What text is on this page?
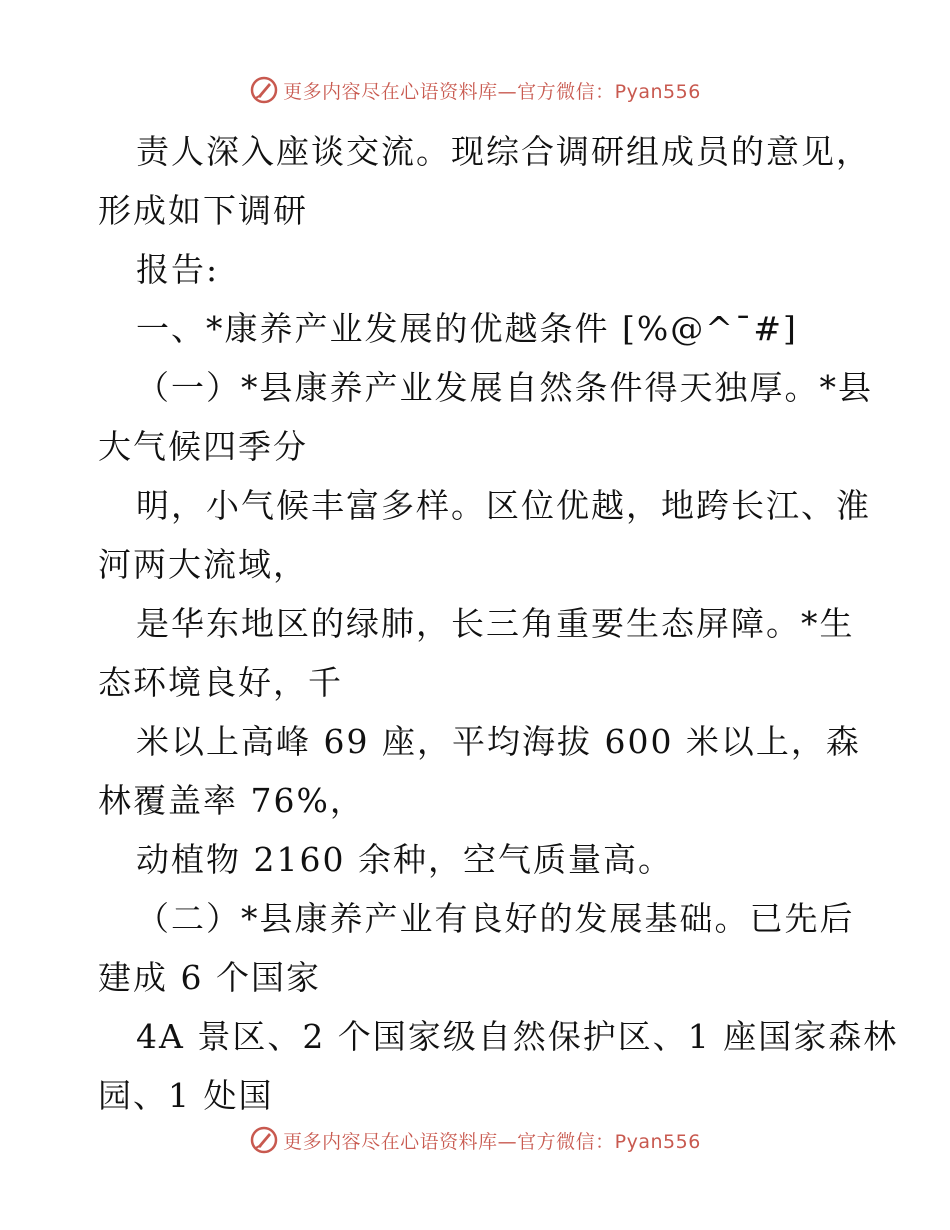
更多内容尽在心语资料库—官方微信：Pyan556
责人深入座谈交流。现综合调研组成员的意见，
形成如下调研
报告:
一、*康养产业发展的优越条件 [%@^¯#]
（一）*县康养产业发展自然条件得天独厚。*县
大气候四季分
明，小气候丰富多样。区位优越，地跨长江、淮
河两大流域，
是华东地区的绿肺，长三角重要生态屏障。*生
态环境良好，千
米以上高峰 69 座，平均海拔 600 米以上，森
林覆盖率 76%，
动植物 2160 余种，空气质量高。
（二）*县康养产业有良好的发展基础。已先后
建成 6 个国家
4A 景区、2 个国家级自然保护区、1 座国家森林
园、1 处国
更多内容尽在心语资料库—官方微信：Pyan556
